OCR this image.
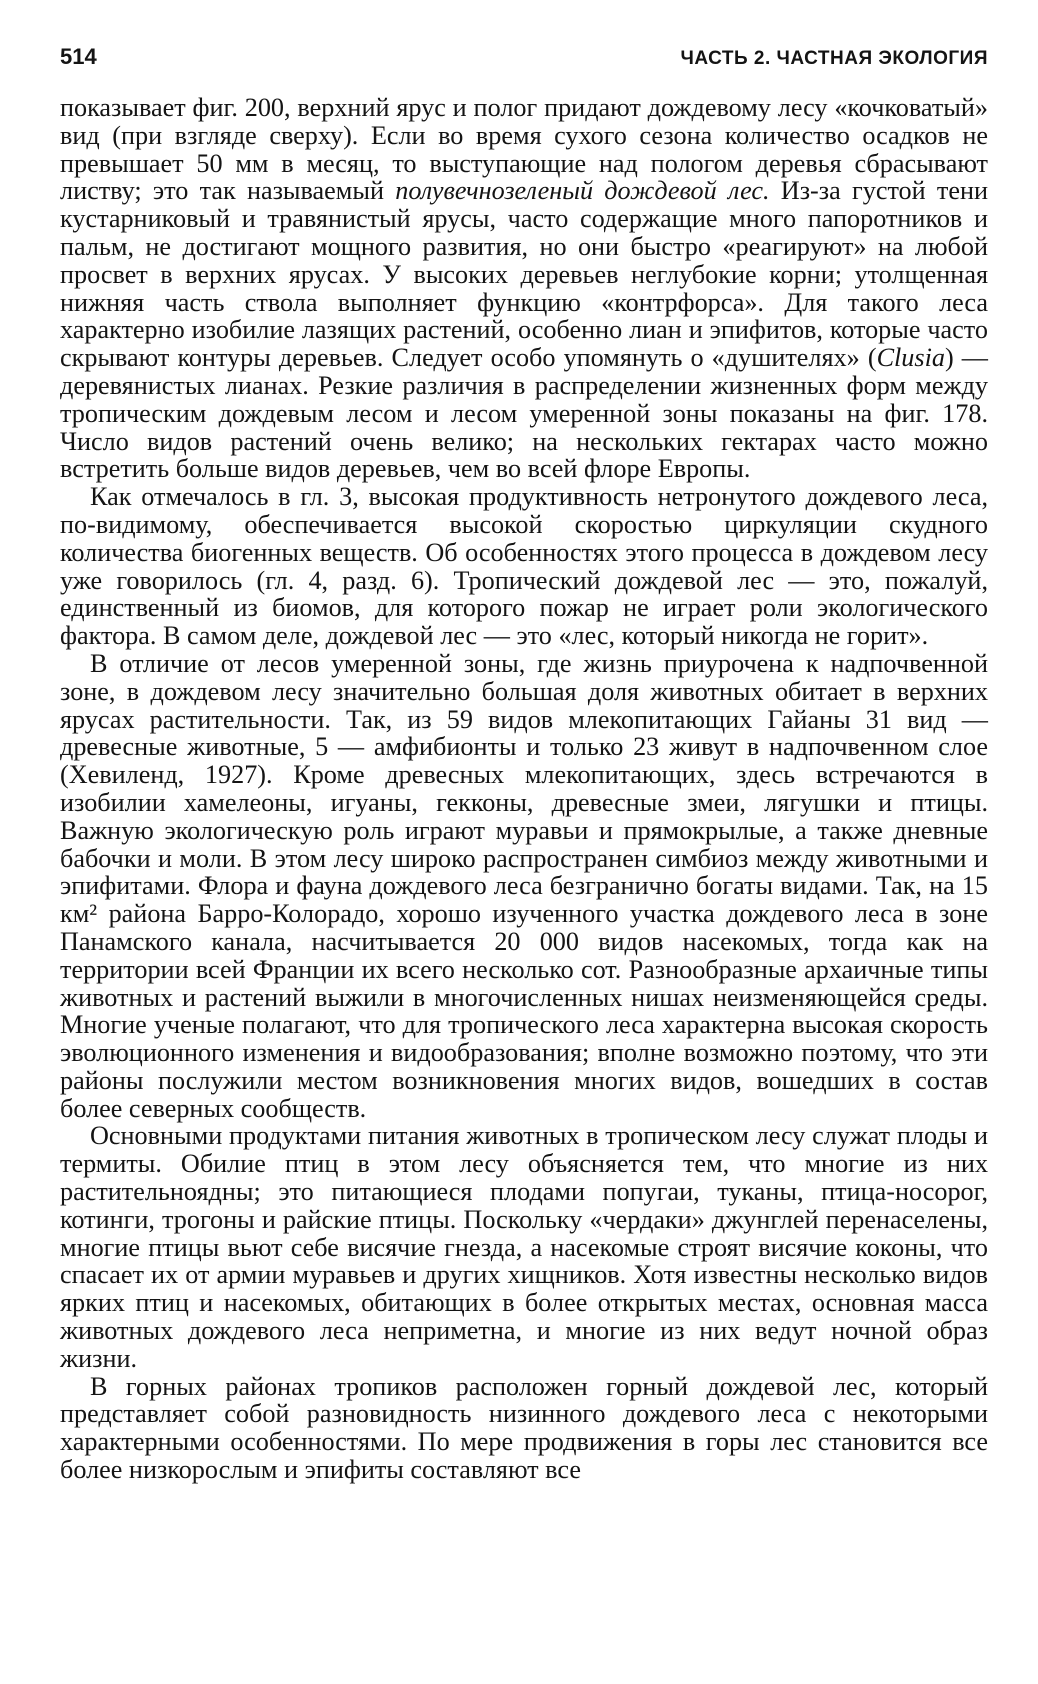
514	ЧАСТЬ 2. ЧАСТНАЯ ЭКОЛОГИЯ

показывает фиг. 200, верхний ярус и полог придают дождевому лесу «кочковатый» вид (при взгляде сверху). Если во время сухого сезона количество осадков не превышает 50 мм в месяц, то выступающие над пологом деревья сбрасывают листву; это так называемый полувечнозеленый дождевой лес. Из-за густой тени кустарниковый и травянистый ярусы, часто содержащие много папоротников и пальм, не достигают мощного развития, но они быстро «реагируют» на любой просвет в верхних ярусах. У высоких деревьев неглубокие корни; утолщенная нижняя часть ствола выполняет функцию «контрфорса». Для такого леса характерно изобилие лазящих растений, особенно лиан и эпифитов, которые часто скрывают контуры деревьев. Следует особо упомянуть о «душителях» (Clusia) — деревянистых лианах. Резкие различия в распределении жизненных форм между тропическим дождевым лесом и лесом умеренной зоны показаны на фиг. 178. Число видов растений очень велико; на нескольких гектарах часто можно встретить больше видов деревьев, чем во всей флоре Европы.

Как отмечалось в гл. 3, высокая продуктивность нетронутого дождевого леса, по-видимому, обеспечивается высокой скоростью циркуляции скудного количества биогенных веществ. Об особенностях этого процесса в дождевом лесу уже говорилось (гл. 4, разд. 6). Тропический дождевой лес — это, пожалуй, единственный из биомов, для которого пожар не играет роли экологического фактора. В самом деле, дождевой лес — это «лес, который никогда не горит».

В отличие от лесов умеренной зоны, где жизнь приурочена к надпочвенной зоне, в дождевом лесу значительно большая доля животных обитает в верхних ярусах растительности. Так, из 59 видов млекопитающих Гайаны 31 вид — древесные животные, 5 — амфибионты и только 23 живут в надпочвенном слое (Хевиленд, 1927). Кроме древесных млекопитающих, здесь встречаются в изобилии хамелеоны, игуаны, гекконы, древесные змеи, лягушки и птицы. Важную экологическую роль играют муравьи и прямокрылые, а также дневные бабочки и моли. В этом лесу широко распространен симбиоз между животными и эпифитами. Флора и фауна дождевого леса безгранично богаты видами. Так, на 15 км² района Барро-Колорадо, хорошо изученного участка дождевого леса в зоне Панамского канала, насчитывается 20 000 видов насекомых, тогда как на территории всей Франции их всего несколько сот. Разнообразные архаичные типы животных и растений выжили в многочисленных нишах неизменяющейся среды. Многие ученые полагают, что для тропического леса характерна высокая скорость эволюционного изменения и видообразования; вполне возможно поэтому, что эти районы послужили местом возникновения многих видов, вошедших в состав более северных сообществ.

Основными продуктами питания животных в тропическом лесу служат плоды и термиты. Обилие птиц в этом лесу объясняется тем, что многие из них растительноядны; это питающиеся плодами попугаи, туканы, птица-носорог, котинги, трогоны и райские птицы. Поскольку «чердаки» джунглей перенаселены, многие птицы вьют себе висячие гнезда, а насекомые строят висячие коконы, что спасает их от армии муравьев и других хищников. Хотя известны несколько видов ярких птиц и насекомых, обитающих в более открытых местах, основная масса животных дождевого леса неприметна, и многие из них ведут ночной образ жизни.

В горных районах тропиков расположен горный дождевой лес, который представляет собой разновидность низинного дождевого леса с некоторыми характерными особенностями. По мере продвижения в горы лес становится все более низкорослым и эпифиты составляют все
